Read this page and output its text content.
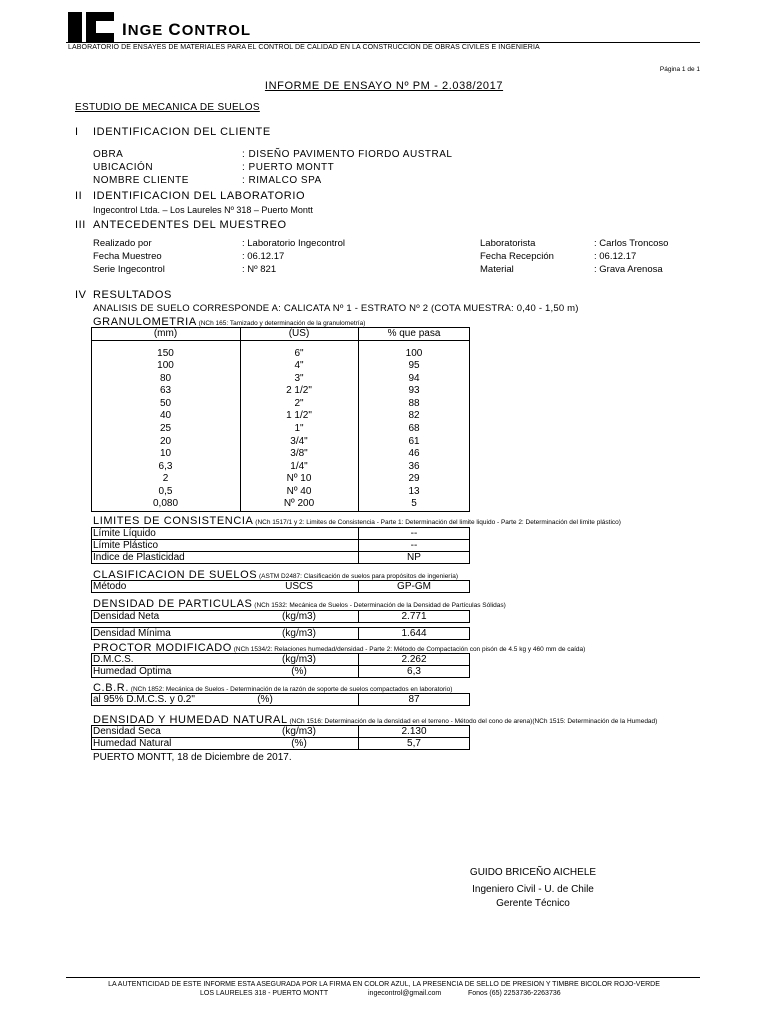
INGE CONTROL
LABORATORIO DE ENSAYES DE MATERIALES PARA EL CONTROL DE CALIDAD EN LA CONSTRUCCION DE OBRAS CIVILES E INGENIERIA
Página 1 de 1
INFORME DE ENSAYO Nº PM - 2.038/2017
ESTUDIO DE MECANICA DE SUELOS
I IDENTIFICACION DEL CLIENTE
OBRA	: DISEÑO PAVIMENTO FIORDO AUSTRAL
UBICACIÓN	: PUERTO MONTT
NOMBRE CLIENTE	: RIMALCO SPA
II IDENTIFICACION DEL LABORATORIO
Ingecontrol Ltda. – Los Laureles Nº 318 – Puerto Montt
III ANTECEDENTES DEL MUESTREO
Realizado por	: Laboratorio Ingecontrol
Fecha Muestreo	: 06.12.17
Serie Ingecontrol	: Nº 821
Laboratorista	: Carlos Troncoso
Fecha Recepción	: 06.12.17
Material	: Grava Arenosa
IV RESULTADOS
ANALISIS DE SUELO CORRESPONDE A: CALICATA Nº 1 - ESTRATO Nº 2 (COTA MUESTRA: 0,40 - 1,50 m)
GRANULOMETRIA (NCh 165: Tamizado y determinación de la granulometría)
(mm)	(US)	% que pasa
150	6"	100
100	4"	95
80	3"	94
63	2 1/2"	93
50	2"	88
40	1 1/2"	82
25	1"	68
20	3/4"	61
10	3/8"	46
6,3	1/4"	36
2	Nº 10	29
0,5	Nº 40	13
0,080	Nº 200	5
LIMITES DE CONSISTENCIA (NCh 1517/1 y 2: Limites de Consistencia - Parte 1: Determinación del limite liquido - Parte 2: Determinación del limite plástico)
Límite Líquido	--
Límite Plástico	--
Indice de Plasticidad	NP
CLASIFICACION DE SUELOS (ASTM D2487: Clasificación de suelos para propósitos de ingeniería)
Método	USCS	GP-GM
DENSIDAD DE PARTICULAS (NCh 1532: Mecánica de Suelos - Determinación de la Densidad de Partículas Sólidas)
Densidad Neta	(kg/m3)	2.771
Densidad Mínima	(kg/m3)	1.644
PROCTOR MODIFICADO (NCh 1534/2: Relaciones humedad/densidad - Parte 2: Método de Compactación con pisón de 4.5 kg y 460 mm de caída)
D.M.C.S.	(kg/m3)	2.262
Humedad Optima	(%)	6,3
C.B.R. (NCh 1852: Mecánica de Suelos - Determinación de la razón de soporte de suelos compactados en laboratorio)
al 95% D.M.C.S. y 0.2"	(%)	87
DENSIDAD Y HUMEDAD NATURAL (NCh 1516: Determinación de la densidad en el terreno - Método del cono de arena)(NCh 1515: Determinación de la Humedad)
Densidad Seca	(kg/m3)	2.130
Humedad Natural	(%)	5,7
PUERTO MONTT, 18 de Diciembre de 2017.
GUIDO BRICEÑO AICHELE
Ingeniero Civil - U. de Chile
Gerente Técnico
LA AUTENTICIDAD DE ESTE INFORME ESTA ASEGURADA POR LA FIRMA EN COLOR AZUL, LA PRESENCIA DE SELLO DE PRESION Y TIMBRE BICOLOR ROJO-VERDE
LOS LAURELES 318 - PUERTO MONTT	ingecontrol@gmail.com	Fonos (65) 2253736-2263736
